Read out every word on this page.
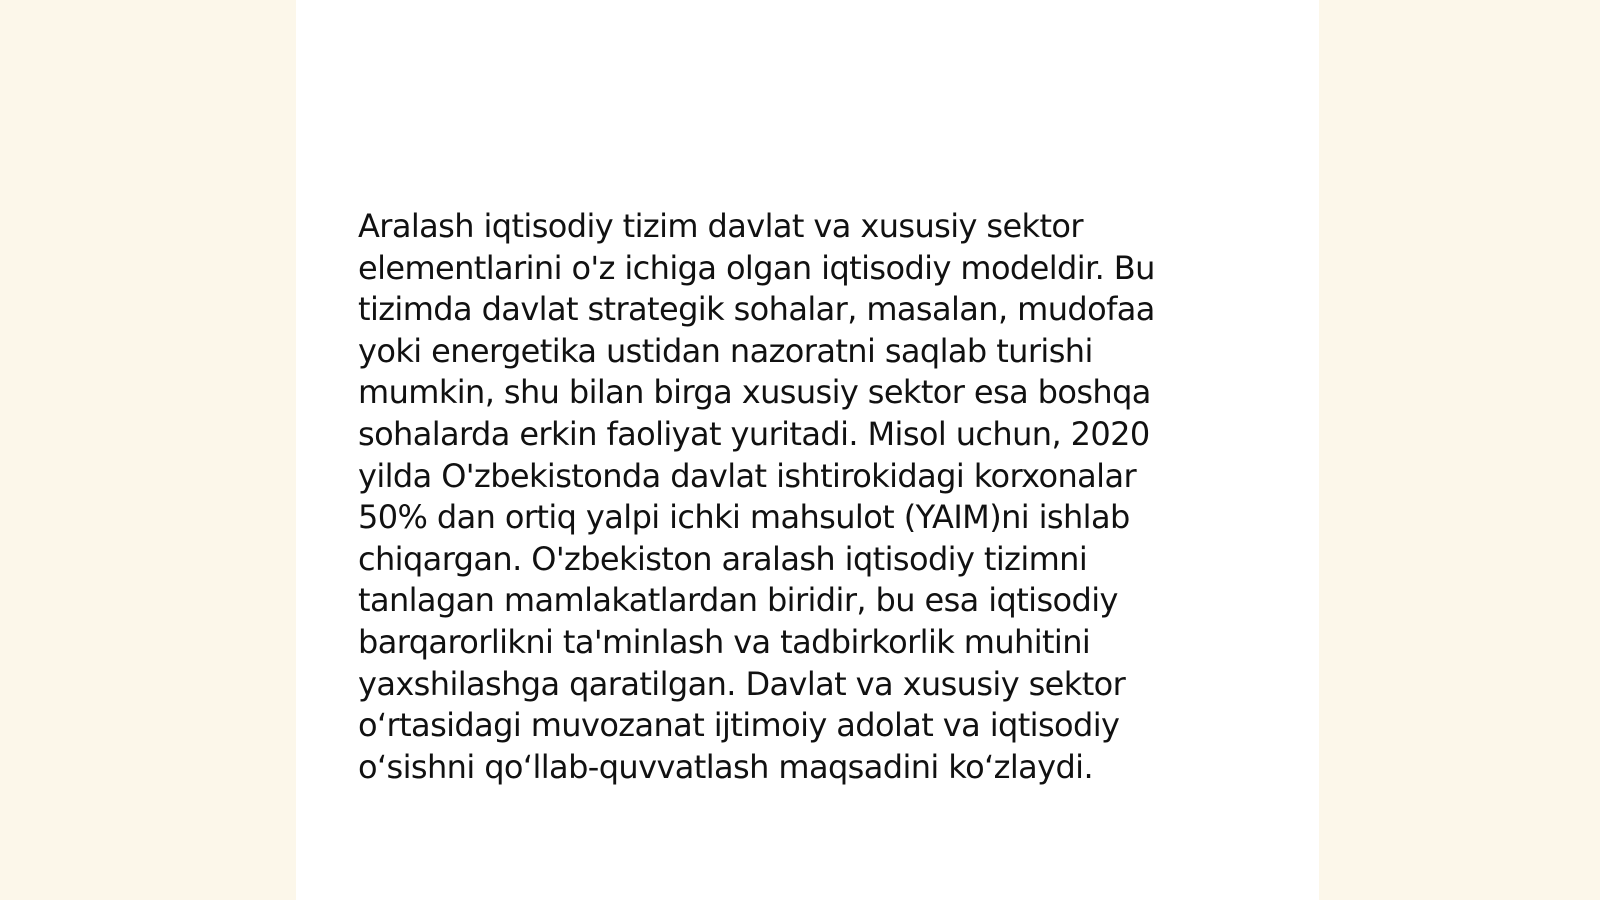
Aralash iqtisodiy tizim davlat va xususiy sektor
elementlarini o'z ichiga olgan iqtisodiy modeldir. Bu
tizimda davlat strategik sohalar, masalan, mudofaa
yoki energetika ustidan nazoratni saqlab turishi
mumkin, shu bilan birga xususiy sektor esa boshqa
sohalarda erkin faoliyat yuritadi. Misol uchun, 2020
yilda O'zbekistonda davlat ishtirokidagi korxonalar
50% dan ortiq yalpi ichki mahsulot (YAIM)ni ishlab
chiqargan. O'zbekiston aralash iqtisodiy tizimni
tanlagan mamlakatlardan biridir, bu esa iqtisodiy
barqarorlikni ta'minlash va tadbirkorlik muhitini
yaxshilashga qaratilgan. Davlat va xususiy sektor
oʻrtasidagi muvozanat ijtimoiy adolat va iqtisodiy
oʻsishni qoʻllab-quvvatlash maqsadini koʻzlaydi.
